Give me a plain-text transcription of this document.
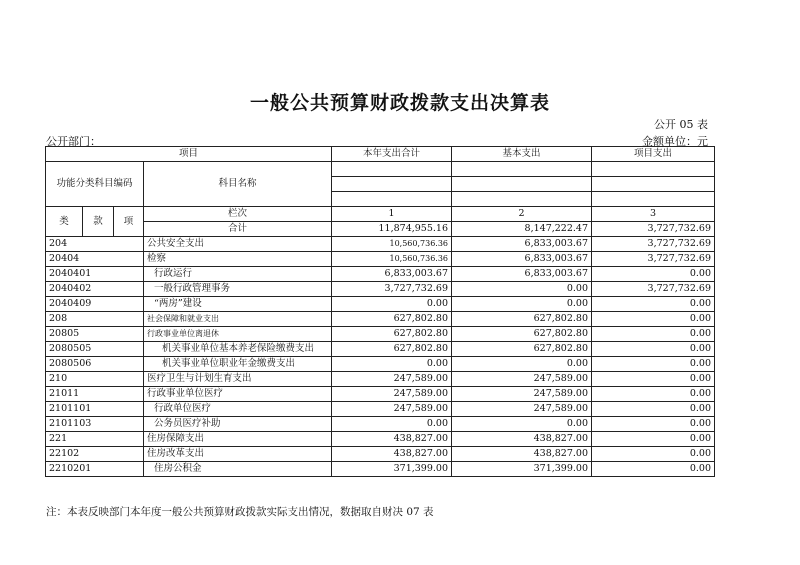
一般公共预算财政拨款支出决算表
公开 05 表
公开部门：	金额单位：元
项目				本年支出合计	基本支出	项目支出
功能分类科目编码			科目名称			

类	款	项	栏次	1	2	3
			合计	11,874,955.16	8,147,222.47	3,727,732.69
204			公共安全支出	10,560,736.36	6,833,003.67	3,727,732.69
20404			检察	10,560,736.36	6,833,003.67	3,727,732.69
2040401			行政运行	6,833,003.67	6,833,003.67	0.00
2040402			一般行政管理事务	3,727,732.69	0.00	3,727,732.69
2040409			“两房”建设	0.00	0.00	0.00
208			社会保障和就业支出	627,802.80	627,802.80	0.00
20805			行政事业单位离退休	627,802.80	627,802.80	0.00
2080505			机关事业单位基本养老保险缴费支出	627,802.80	627,802.80	0.00
2080506			机关事业单位职业年金缴费支出	0.00	0.00	0.00
210			医疗卫生与计划生育支出	247,589.00	247,589.00	0.00
21011			行政事业单位医疗	247,589.00	247,589.00	0.00
2101101			行政单位医疗	247,589.00	247,589.00	0.00
2101103			公务员医疗补助	0.00	0.00	0.00
221			住房保障支出	438,827.00	438,827.00	0.00
22102			住房改革支出	438,827.00	438,827.00	0.00
2210201			住房公积金	371,399.00	371,399.00	0.00
注：本表反映部门本年度一般公共预算财政拨款实际支出情况，数据取自财决 07 表
